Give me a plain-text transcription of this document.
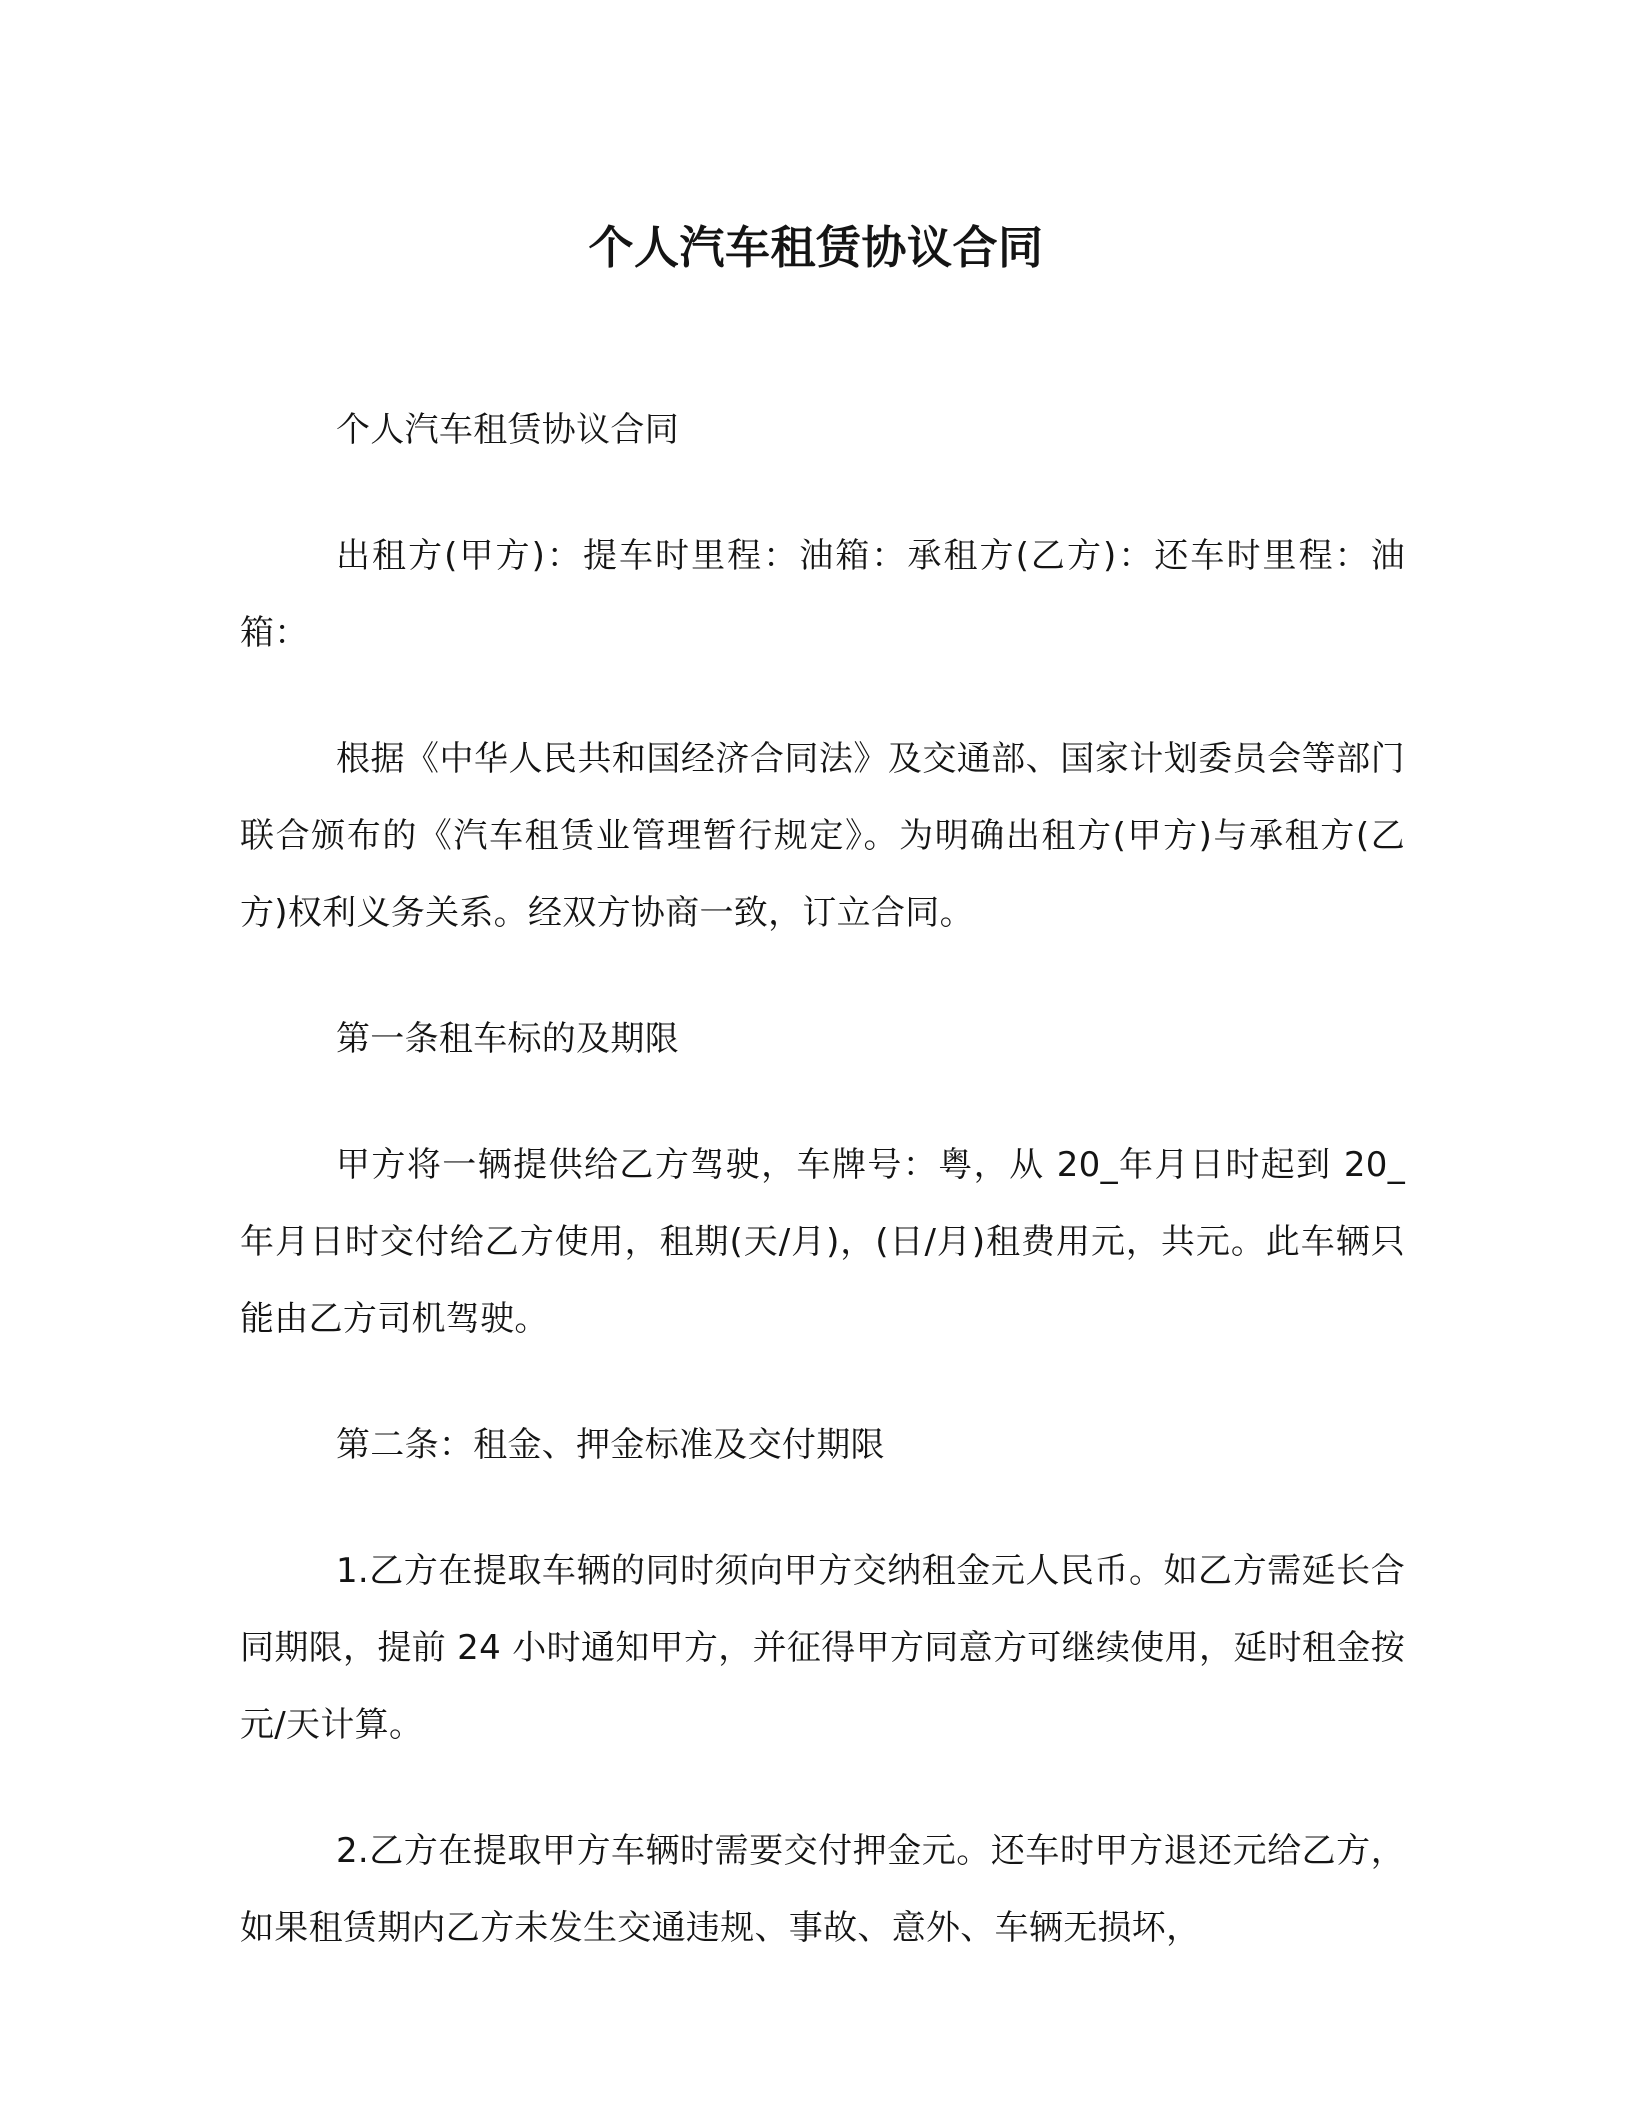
个人汽车租赁协议合同

个人汽车租赁协议合同

出租方(甲方)：提车时里程：油箱：承租方(乙方)：还车时里程：油箱：

根据《中华人民共和国经济合同法》及交通部、国家计划委员会等部门联合颁布的《汽车租赁业管理暂行规定》。为明确出租方(甲方)与承租方(乙方)权利义务关系。经双方协商一致，订立合同。

第一条租车标的及期限

甲方将一辆提供给乙方驾驶，车牌号：粤，从 20_年月日时起到 20_年月日时交付给乙方使用，租期(天/月)，(日/月)租费用元，共元。此车辆只能由乙方司机驾驶。

第二条：租金、押金标准及交付期限

1.乙方在提取车辆的同时须向甲方交纳租金元人民币。如乙方需延长合同期限，提前 24 小时通知甲方，并征得甲方同意方可继续使用，延时租金按元/天计算。

2.乙方在提取甲方车辆时需要交付押金元。还车时甲方退还元给乙方，如果租赁期内乙方未发生交通违规、事故、意外、车辆无损坏，
